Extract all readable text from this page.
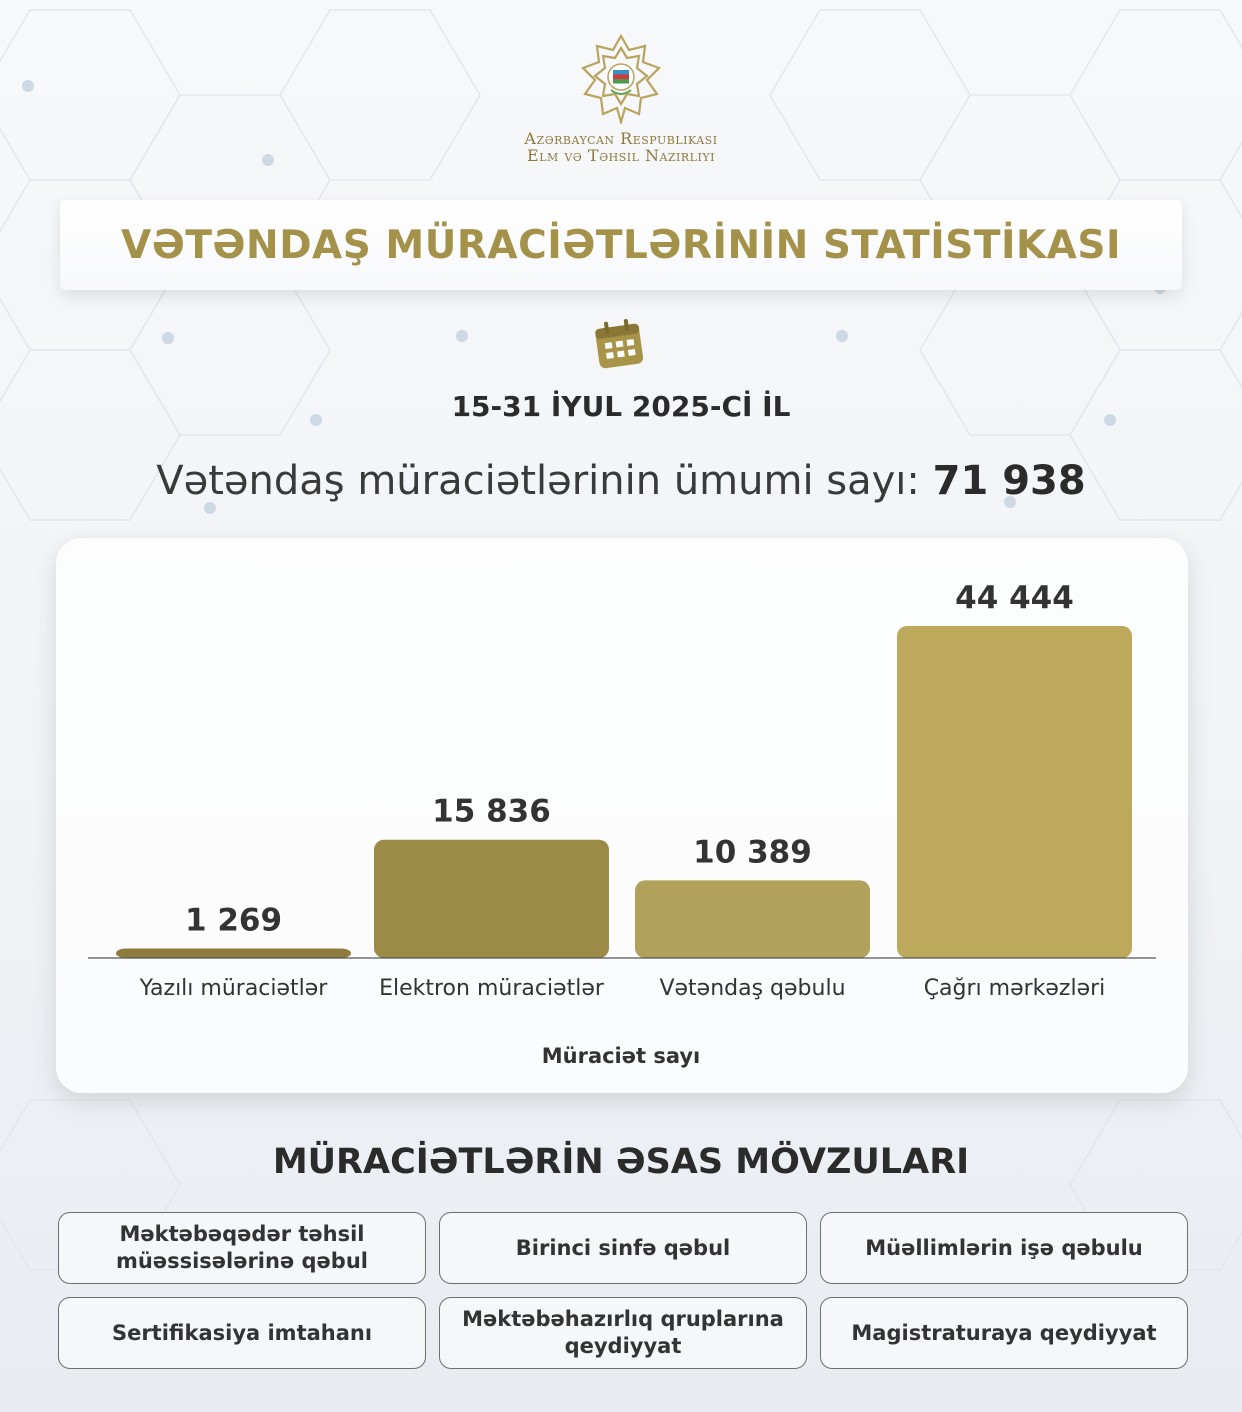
Azərbaycan Respublikası
Elm və Təhsil Nazirliyi
VƏTƏNDAŞ MÜRACİƏTLƏRİNİN STATİSTİKASI
15-31 İYUL 2025-Cİ İL
Vətəndaş müraciətlərinin ümumi sayı: 71 938
1 269
Yazılı müraciətlər
15 836
Elektron müraciətlər
10 389
Vətəndaş qəbulu
44 444
Çağrı mərkəzləri
Müraciət sayı
MÜRACİƏTLƏRİN ƏSAS MÖVZULARI
Məktəbəqədər təhsil müəssisələrinə qəbul
Birinci sinfə qəbul	Müəllimlərin işə qəbulu
Sertifikasiya imtahanı
Məktəbəhazırlıq qruplarına qeydiyyat
Magistraturaya qeydiyyat
